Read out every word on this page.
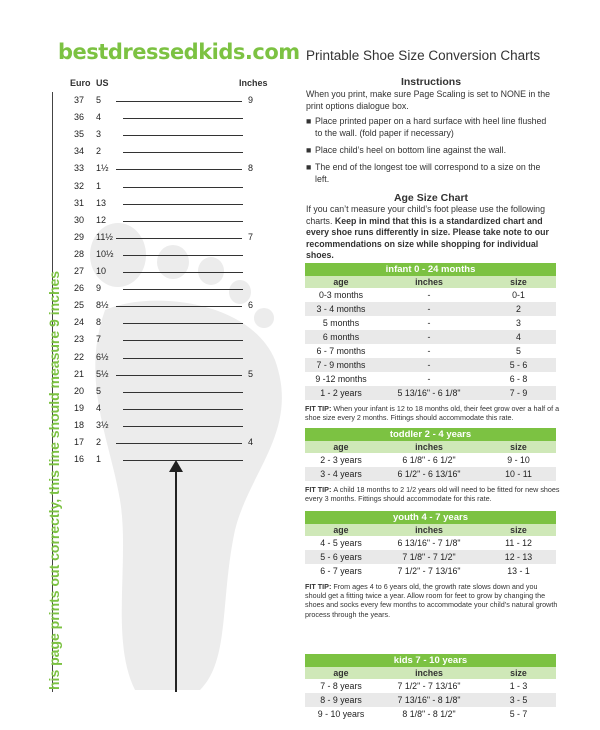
bestdressedkids.com Printable Shoe Size Conversion Charts
Euro US	Inches
his page prints out correctly, this line should measure 9 inches
37 5	9
36 4
35 3
34 2
33 1½	8
32 1
31 13
30 12
29 11½	7
28 10½
27 10
26 9
25 8½	6
24 8
23 7
22 6½
21 5½	5
20 5
19 4
18 3½
17 2	4
16 1
Instructions
When you print, make sure Page Scaling is set to NONE in the print options dialogue box.
■ Place printed paper on a hard surface with heel line flushed to the wall. (fold paper if necessary)
■ Place child’s heel on bottom line against the wall.
■ The end of the longest toe will correspond to a size on the left.
Age Size Chart
If you can’t measure your child’s foot please use the following charts. Keep in mind that this is a standardized chart and every shoe runs differently in size. Please take note to our recommendations on size while shopping for individual shoes.
infant 0 - 24 months		
age	inches	size
0-3 months	-	0-1
3 - 4 months	-	2
5 months	-	3
6 months	-	4
6 - 7 months	-	5
7 - 9 months	-	5 - 6
9 -12 months	-	6 - 8
1 - 2 years	5 13/16" - 6 1/8"	7 - 9
FIT TIP: When your infant is 12 to 18 months old, their feet grow over a half of a shoe size every 2 months. Fittings should accommodate this rate.
toddler 2 - 4 years		
age	inches	size
2 - 3 years	6 1/8" - 6 1/2"	9 - 10
3 - 4 years	6 1/2" - 6 13/16"	10 - 11
FIT TIP: A child 18 months to 2 1/2 years old will need to be fitted for new shoes every 3 months. Fittings should accommodate for this rate.
youth 4 - 7 years		
age	inches	size
4 - 5 years	6 13/16" - 7 1/8"	11 - 12
5 - 6 years	7 1/8" - 7 1/2"	12 - 13
6 - 7 years	7 1/2" - 7 13/16"	13 - 1
FIT TIP: From ages 4 to 6 years old, the growth rate slows down and you should get a fitting twice a year. Allow room for feet to grow by changing the shoes and socks every few months to accommodate your child’s natural growth process through the years.
kids 7 - 10 years		
age	inches	size
7 - 8 years	7 1/2" - 7 13/16"	1 - 3
8 - 9 years	7 13/16" - 8 1/8"	3 - 5
9 - 10 years	8 1/8" - 8 1/2"	5 - 7
